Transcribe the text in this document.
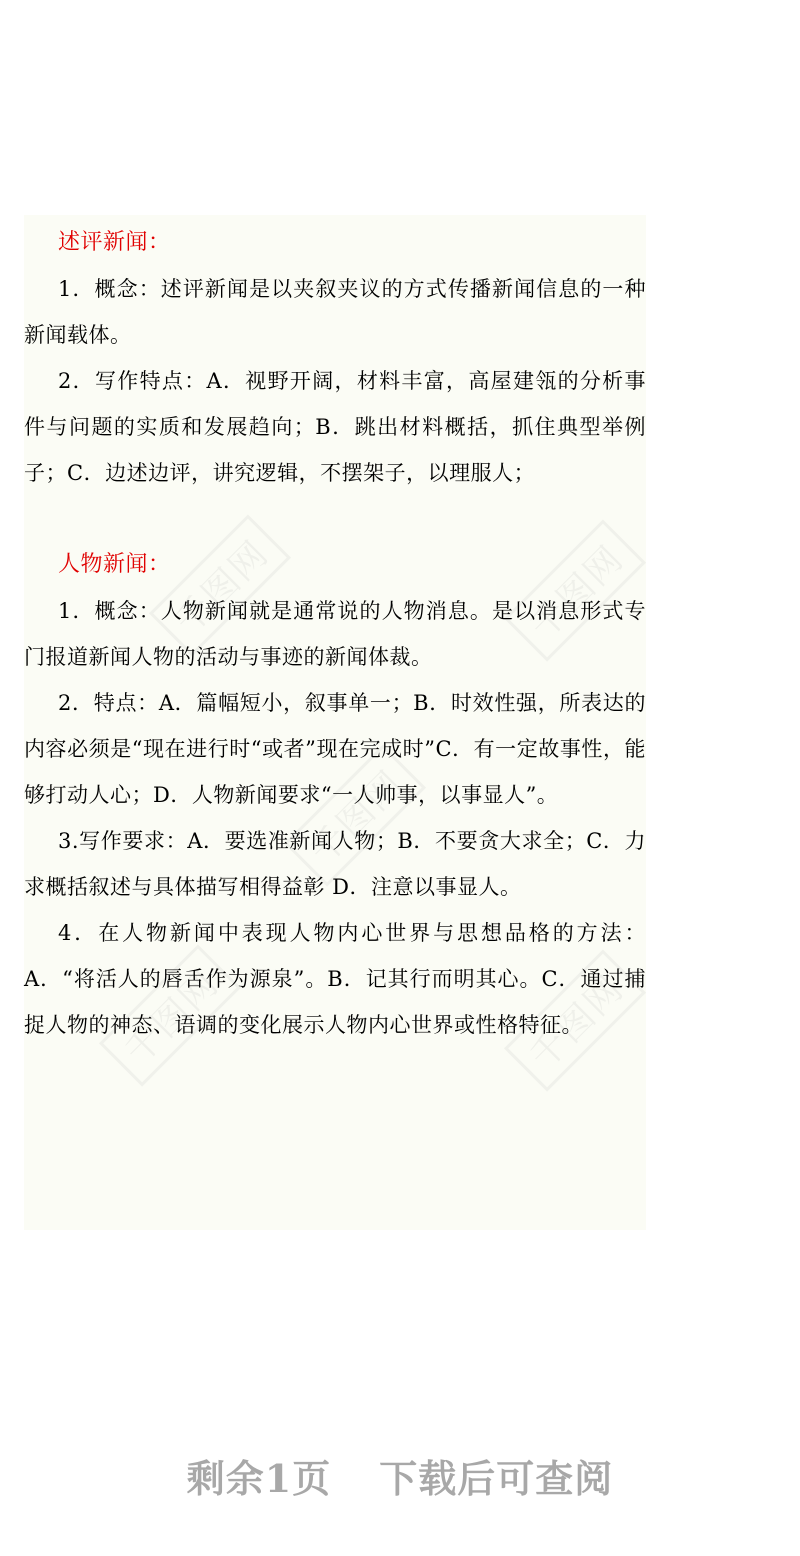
述评新闻：

1．概念：述评新闻是以夹叙夹议的方式传播新闻信息的一种新闻载体。

2．写作特点：A．视野开阔，材料丰富，高屋建瓴的分析事件与问题的实质和发展趋向；B．跳出材料概括，抓住典型举例子；C．边述边评，讲究逻辑，不摆架子，以理服人；

人物新闻：

1．概念：人物新闻就是通常说的人物消息。是以消息形式专门报道新闻人物的活动与事迹的新闻体裁。

2．特点：A．篇幅短小，叙事单一；B．时效性强，所表达的内容必须是“现在进行时“或者”现在完成时”C．有一定故事性，能够打动人心；D．人物新闻要求“一人帅事，以事显人”。

3.写作要求：A．要选准新闻人物；B．不要贪大求全；C．力求概括叙述与具体描写相得益彰 D．注意以事显人。

4．在人物新闻中表现人物内心世界与思想品格的方法：A．“将活人的唇舌作为源泉”。B．记其行而明其心。C．通过捕捉人物的神态、语调的变化展示人物内心世界或性格特征。

剩余1页 下载后可查阅
